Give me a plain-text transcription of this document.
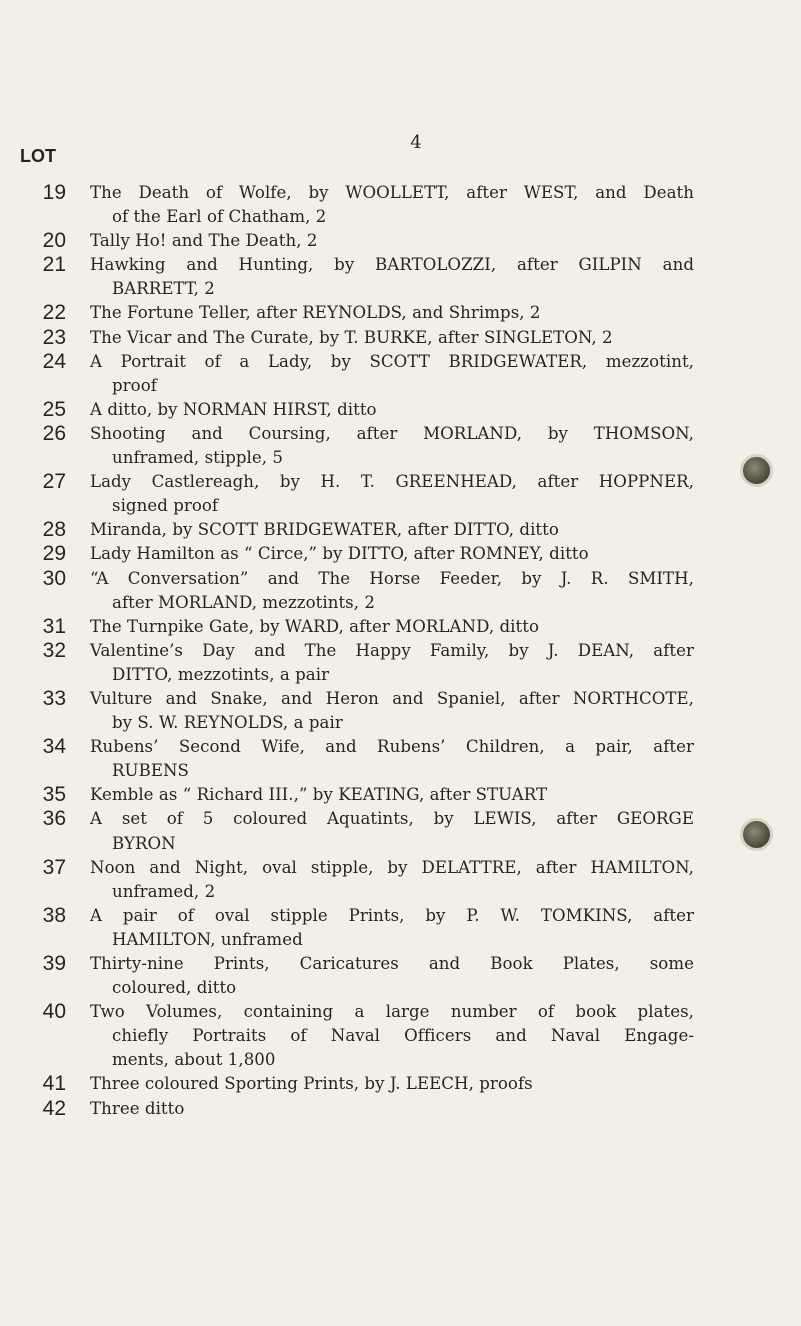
4
LOT
19 The Death of Wolfe, by WOOLLETT, after WEST, and Death
of the Earl of Chatham, 2
20 Tally Ho! and The Death, 2
21 Hawking and Hunting, by BARTOLOZZI, after GILPIN and
BARRETT, 2
22 The Fortune Teller, after REYNOLDS, and Shrimps, 2
23 The Vicar and The Curate, by T. BURKE, after SINGLETON, 2
24 A Portrait of a Lady, by SCOTT BRIDGEWATER, mezzotint,
proof
25 A ditto, by NORMAN HIRST, ditto
26 Shooting and Coursing, after MORLAND, by THOMSON,
unframed, stipple, 5
27 Lady Castlereagh, by H. T. GREENHEAD, after HOPPNER,
signed proof
28 Miranda, by SCOTT BRIDGEWATER, after DITTO, ditto
29 Lady Hamilton as “ Circe,” by DITTO, after ROMNEY, ditto
30 “A Conversation” and The Horse Feeder, by J. R. SMITH,
after MORLAND, mezzotints, 2
31 The Turnpike Gate, by WARD, after MORLAND, ditto
32 Valentine’s Day and The Happy Family, by J. DEAN, after
DITTO, mezzotints, a pair
33 Vulture and Snake, and Heron and Spaniel, after NORTHCOTE,
by S. W. REYNOLDS, a pair
34 Rubens’ Second Wife, and Rubens’ Children, a pair, after
RUBENS
35 Kemble as “ Richard III.,” by KEATING, after STUART
36 A set of 5 coloured Aquatints, by LEWIS, after GEORGE
BYRON
37 Noon and Night, oval stipple, by DELATTRE, after HAMILTON,
unframed, 2
38 A pair of oval stipple Prints, by P. W. TOMKINS, after
HAMILTON, unframed
39 Thirty-nine Prints, Caricatures and Book Plates, some
coloured, ditto
40 Two Volumes, containing a large number of book plates,
chiefly Portraits of Naval Officers and Naval Engage-
ments, about 1,800
41 Three coloured Sporting Prints, by J. LEECH, proofs
42 Three ditto
